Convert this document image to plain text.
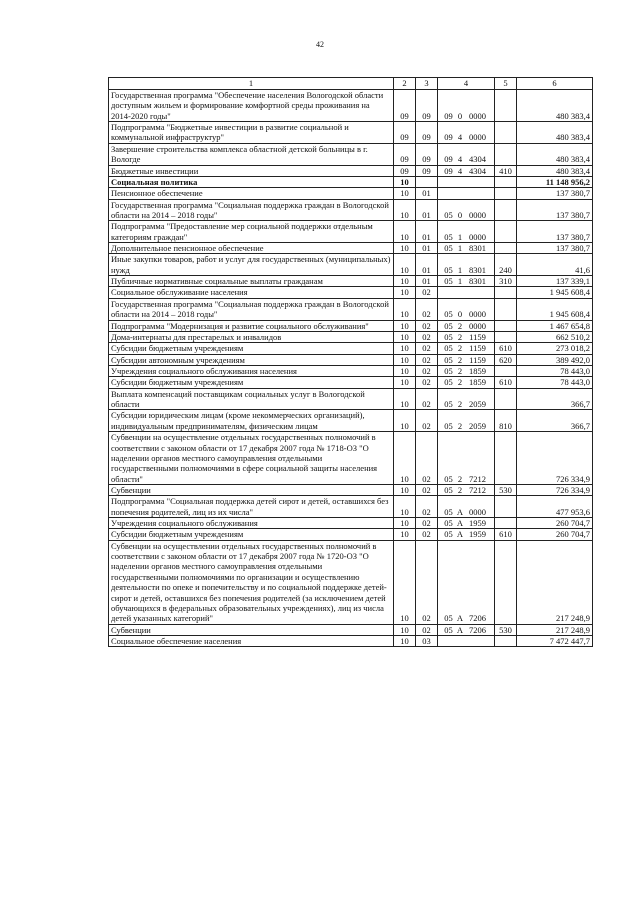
42
1	2	3	4	5	6
Государственная программа "Обеспечение населения Вологодской области доступным жильем и формирование комфортной среды проживания на 2014-2020 годы"	09	09	09 0 0000		480 383,4
Подпрограмма "Бюджетные инвестиции в развитие социальной и коммунальной инфраструктур"	09	09	09 4 0000		480 383,4
Завершение строительства комплекса областной детской больницы в г. Вологде	09	09	09 4 4304		480 383,4
Бюджетные инвестиции	09	09	09 4 4304	410	480 383,4
Социальная политика	10				11 148 956,2
Пенсионное обеспечение	10	01			137 380,7
Государственная программа "Социальная поддержка граждан в Вологодской области на 2014 – 2018 годы"	10	01	05 0 0000		137 380,7
Подпрограмма "Предоставление мер социальной поддержки отдельным категориям граждан"	10	01	05 1 0000		137 380,7
Дополнительное пенсионное обеспечение	10	01	05 1 8301		137 380,7
Иные закупки товаров, работ и услуг для государственных (муниципальных) нужд	10	01	05 1 8301	240	41,6
Публичные нормативные социальные выплаты гражданам	10	01	05 1 8301	310	137 339,1
Социальное обслуживание населения	10	02			1 945 608,4
Государственная программа "Социальная поддержка граждан в Вологодской области на 2014 – 2018 годы"	10	02	05 0 0000		1 945 608,4
Подпрограмма "Модернизация и развитие социального обслуживания"	10	02	05 2 0000		1 467 654,8
Дома-интернаты для престарелых и инвалидов	10	02	05 2 1159		662 510,2
Субсидии бюджетным учреждениям	10	02	05 2 1159	610	273 018,2
Субсидии автономным учреждениям	10	02	05 2 1159	620	389 492,0
Учреждения социального обслуживания населения	10	02	05 2 1859		78 443,0
Субсидии бюджетным учреждениям	10	02	05 2 1859	610	78 443,0
Выплата компенсаций поставщикам социальных услуг в Вологодской области	10	02	05 2 2059		366,7
Субсидии юридическим лицам (кроме некоммерческих организаций), индивидуальным предпринимателям, физическим лицам	10	02	05 2 2059	810	366,7
Субвенции на осуществление отдельных государственных полномочий в соответствии с законом области от 17 декабря 2007 года № 1718-ОЗ "О наделении органов местного самоуправления отдельными государственными полномочиями в сфере социальной защиты населения области"	10	02	05 2 7212		726 334,9
Субвенции	10	02	05 2 7212	530	726 334,9
Подпрограмма "Социальная поддержка детей сирот и детей, оставшихся без попечения родителей, лиц из их числа"	10	02	05 А 0000		477 953,6
Учреждения социального обслуживания	10	02	05 А 1959		260 704,7
Субсидии бюджетным учреждениям	10	02	05 А 1959	610	260 704,7
Субвенции на осуществлении отдельных государственных полномочий в соответствии с законом области от 17 декабря 2007 года № 1720-ОЗ "О наделении органов местного самоуправления отдельными государственными полномочиями по организации и осуществлению деятельности по опеке и попечительству и по социальной поддержке детей-сирот и детей, оставшихся без попечения родителей (за исключением детей обучающихся в федеральных образовательных учреждениях), лиц из числа детей указанных категорий"	10	02	05 А 7206		217 248,9
Субвенции	10	02	05 А 7206	530	217 248,9
Социальное обеспечение населения	10	03			7 472 447,7
